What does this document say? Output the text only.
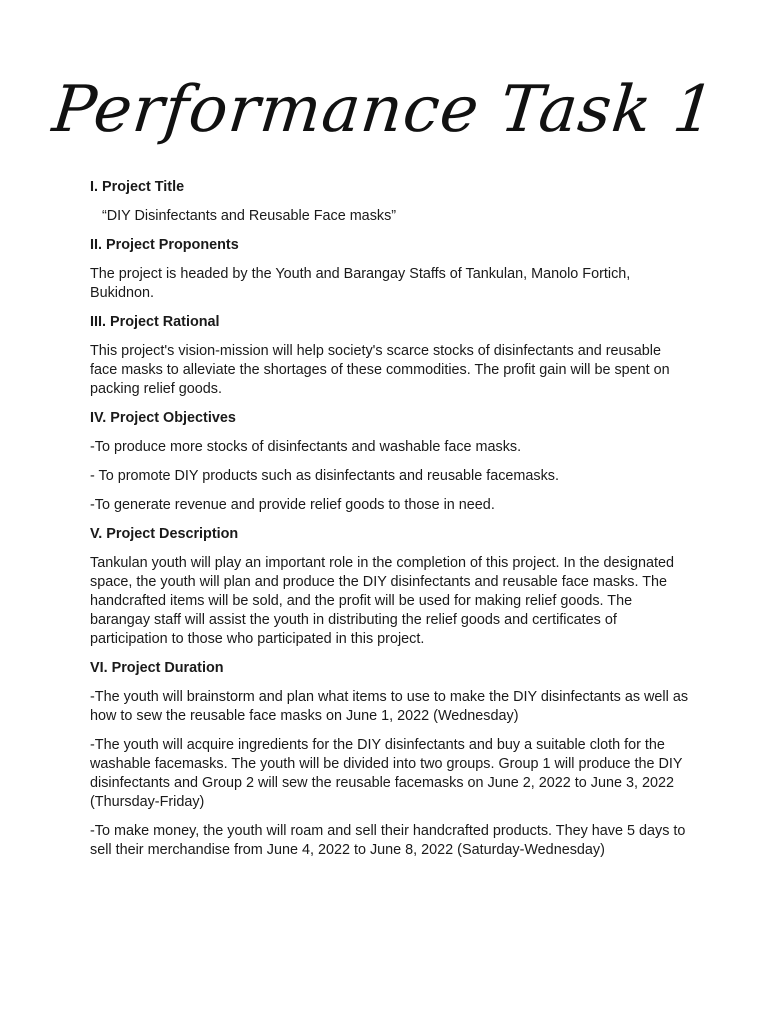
Performance Task 1
I. Project Title
“DIY Disinfectants and Reusable Face masks”
II. Project Proponents
The project is headed by the Youth and Barangay Staffs of Tankulan, Manolo Fortich, Bukidnon.
III. Project Rational
This project's vision-mission will help society's scarce stocks of disinfectants and reusable face masks to alleviate the shortages of these commodities. The profit gain will be spent on packing relief goods.
IV. Project Objectives
-To produce more stocks of disinfectants and washable face masks.
- To promote DIY products such as disinfectants and reusable facemasks.
-To generate revenue and provide relief goods to those in need.
V. Project Description
Tankulan youth will play an important role in the completion of this project. In the designated space, the youth will plan and produce the DIY disinfectants and reusable face masks. The handcrafted items will be sold, and the profit will be used for making relief goods. The barangay staff will assist the youth in distributing the relief goods and certificates of participation to those who participated in this project.
VI. Project Duration
-The youth will brainstorm and plan what items to use to make the DIY disinfectants as well as how to sew the reusable face masks on June 1, 2022 (Wednesday)
-The youth will acquire ingredients for the DIY disinfectants and buy a suitable cloth for the washable facemasks. The youth will be divided into two groups. Group 1 will produce the DIY disinfectants and Group 2 will sew the reusable facemasks on June 2, 2022 to June 3, 2022 (Thursday-Friday)
-To make money, the youth will roam and sell their handcrafted products. They have 5 days to sell their merchandise from June 4, 2022 to June 8, 2022 (Saturday-Wednesday)
